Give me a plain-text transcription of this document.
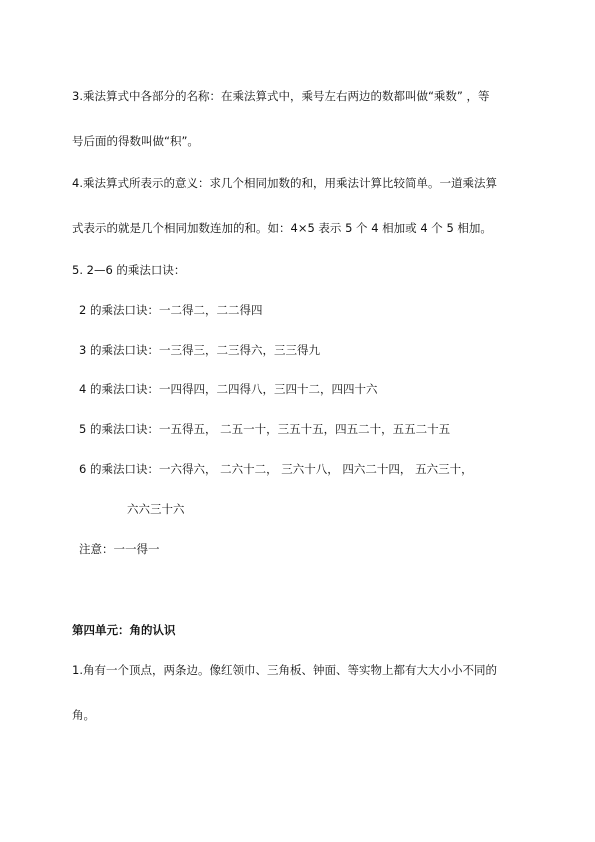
3.乘法算式中各部分的名称：在乘法算式中，乘号左右两边的数都叫做“乘数” ，等
号后面的得数叫做“积”。
4.乘法算式所表示的意义：求几个相同加数的和，用乘法计算比较简单。一道乘法算
式表示的就是几个相同加数连加的和。如：4×5 表示 5 个 4 相加或 4 个 5 相加。
5. 2—6 的乘法口诀：
2 的乘法口诀：一二得二，二二得四
3 的乘法口诀：一三得三，二三得六，三三得九
4 的乘法口诀：一四得四，二四得八，三四十二，四四十六
5 的乘法口诀：一五得五， 二五一十，三五十五，四五二十，五五二十五
6 的乘法口诀：一六得六， 二六十二， 三六十八， 四六二十四， 五六三十，
六六三十六
注意：一一得一
第四单元：角的认识
1.角有一个顶点，两条边。像红领巾、三角板、钟面、等实物上都有大大小小不同的
角。
